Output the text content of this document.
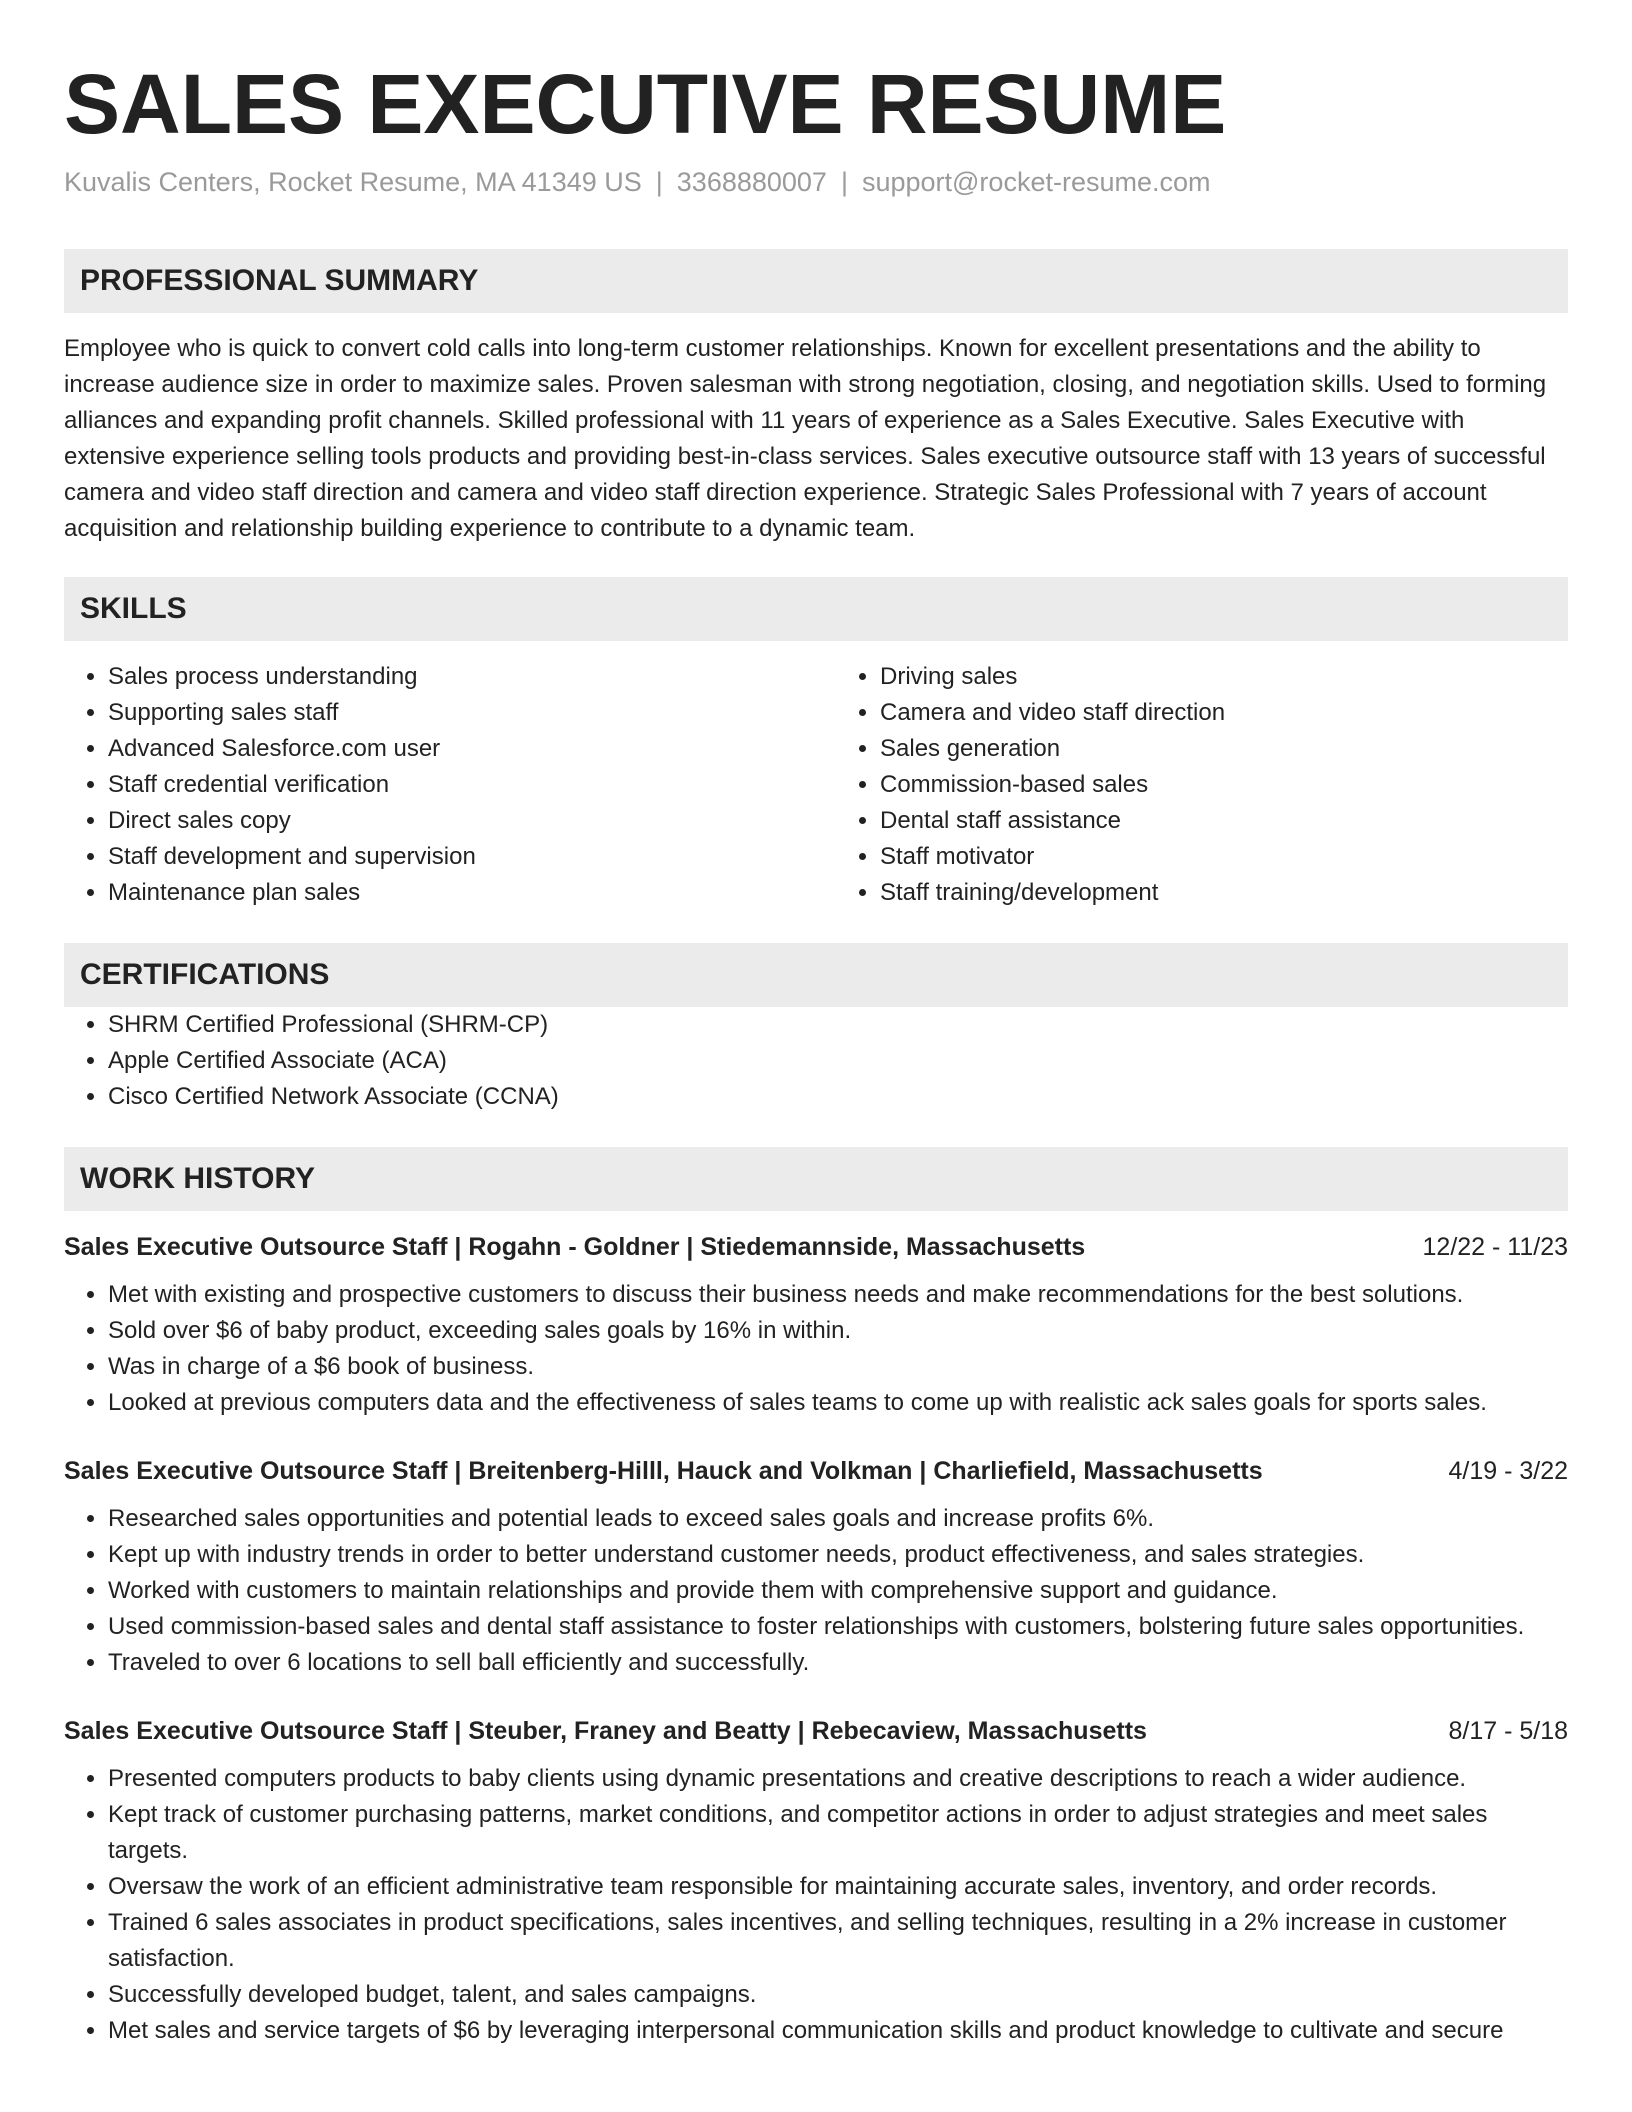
SALES EXECUTIVE RESUME
Kuvalis Centers, Rocket Resume, MA 41349 US | 3368880007 | support@rocket-resume.com
PROFESSIONAL SUMMARY

Employee who is quick to convert cold calls into long-term customer relationships. Known for excellent presentations and the ability to increase audience size in order to maximize sales. Proven salesman with strong negotiation, closing, and negotiation skills. Used to forming alliances and expanding profit channels. Skilled professional with 11 years of experience as a Sales Executive. Sales Executive with extensive experience selling tools products and providing best-in-class services. Sales executive outsource staff with 13 years of successful camera and video staff direction and camera and video staff direction experience. Strategic Sales Professional with 7 years of account acquisition and relationship building experience to contribute to a dynamic team.

SKILLS
• Sales process understanding
• Supporting sales staff
• Advanced Salesforce.com user
• Staff credential verification
• Direct sales copy
• Staff development and supervision
• Maintenance plan sales
• Driving sales
• Camera and video staff direction
• Sales generation
• Commission-based sales
• Dental staff assistance
• Staff motivator
• Staff training/development
CERTIFICATIONS
• SHRM Certified Professional (SHRM-CP)
• Apple Certified Associate (ACA)
• Cisco Certified Network Associate (CCNA)
WORK HISTORY
Sales Executive Outsource Staff | Rogahn - Goldner | Stiedemannside, Massachusetts	12/22 - 11/23
• Met with existing and prospective customers to discuss their business needs and make recommendations for the best solutions.
• Sold over $6 of baby product, exceeding sales goals by 16% in within.
• Was in charge of a $6 book of business.
• Looked at previous computers data and the effectiveness of sales teams to come up with realistic ack sales goals for sports sales.
Sales Executive Outsource Staff | Breitenberg-Hilll, Hauck and Volkman | Charliefield, Massachusetts	4/19 - 3/22
• Researched sales opportunities and potential leads to exceed sales goals and increase profits 6%.
• Kept up with industry trends in order to better understand customer needs, product effectiveness, and sales strategies.
• Worked with customers to maintain relationships and provide them with comprehensive support and guidance.
• Used commission-based sales and dental staff assistance to foster relationships with customers, bolstering future sales opportunities.
• Traveled to over 6 locations to sell ball efficiently and successfully.
Sales Executive Outsource Staff | Steuber, Franey and Beatty | Rebecaview, Massachusetts	8/17 - 5/18
• Presented computers products to baby clients using dynamic presentations and creative descriptions to reach a wider audience.
• Kept track of customer purchasing patterns, market conditions, and competitor actions in order to adjust strategies and meet sales targets.
• Oversaw the work of an efficient administrative team responsible for maintaining accurate sales, inventory, and order records.
• Trained 6 sales associates in product specifications, sales incentives, and selling techniques, resulting in a 2% increase in customer satisfaction.
• Successfully developed budget, talent, and sales campaigns.
• Met sales and service targets of $6 by leveraging interpersonal communication skills and product knowledge to cultivate and secure
